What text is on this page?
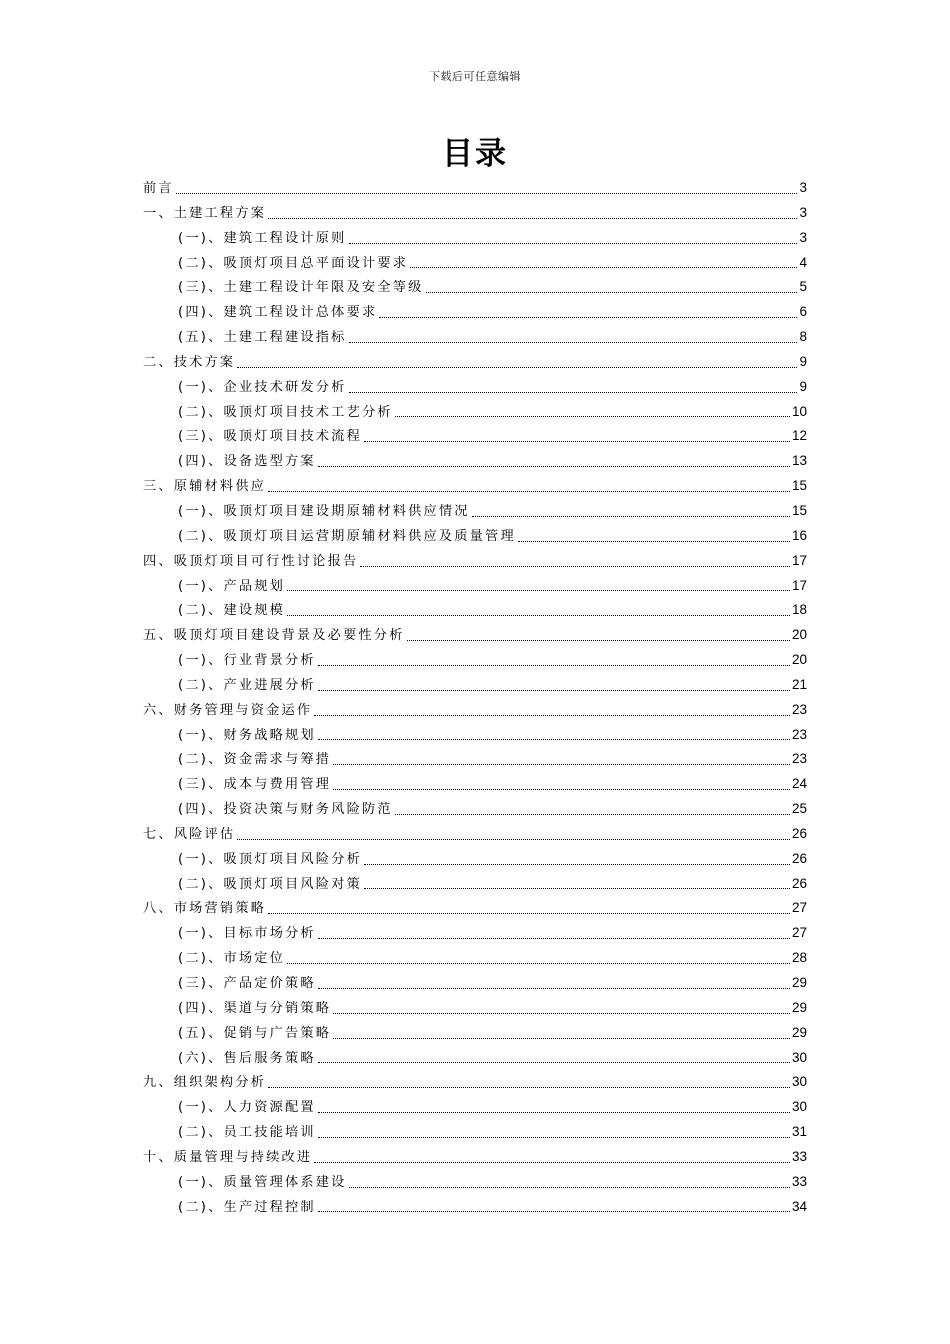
下载后可任意编辑
目录
前言	3
一、土建工程方案	3
(一)、建筑工程设计原则	3
(二)、吸顶灯项目总平面设计要求	4
(三)、土建工程设计年限及安全等级	5
(四)、建筑工程设计总体要求	6
(五)、土建工程建设指标	8
二、技术方案	9
(一)、企业技术研发分析	9
(二)、吸顶灯项目技术工艺分析	10
(三)、吸顶灯项目技术流程	12
(四)、设备选型方案	13
三、原辅材料供应	15
(一)、吸顶灯项目建设期原辅材料供应情况	15
(二)、吸顶灯项目运营期原辅材料供应及质量管理	16
四、吸顶灯项目可行性讨论报告	17
(一)、产品规划	17
(二)、建设规模	18
五、吸顶灯项目建设背景及必要性分析	20
(一)、行业背景分析	20
(二)、产业进展分析	21
六、财务管理与资金运作	23
(一)、财务战略规划	23
(二)、资金需求与筹措	23
(三)、成本与费用管理	24
(四)、投资决策与财务风险防范	25
七、风险评估	26
(一)、吸顶灯项目风险分析	26
(二)、吸顶灯项目风险对策	26
八、市场营销策略	27
(一)、目标市场分析	27
(二)、市场定位	28
(三)、产品定价策略	29
(四)、渠道与分销策略	29
(五)、促销与广告策略	29
(六)、售后服务策略	30
九、组织架构分析	30
(一)、人力资源配置	30
(二)、员工技能培训	31
十、质量管理与持续改进	33
(一)、质量管理体系建设	33
(二)、生产过程控制	34
